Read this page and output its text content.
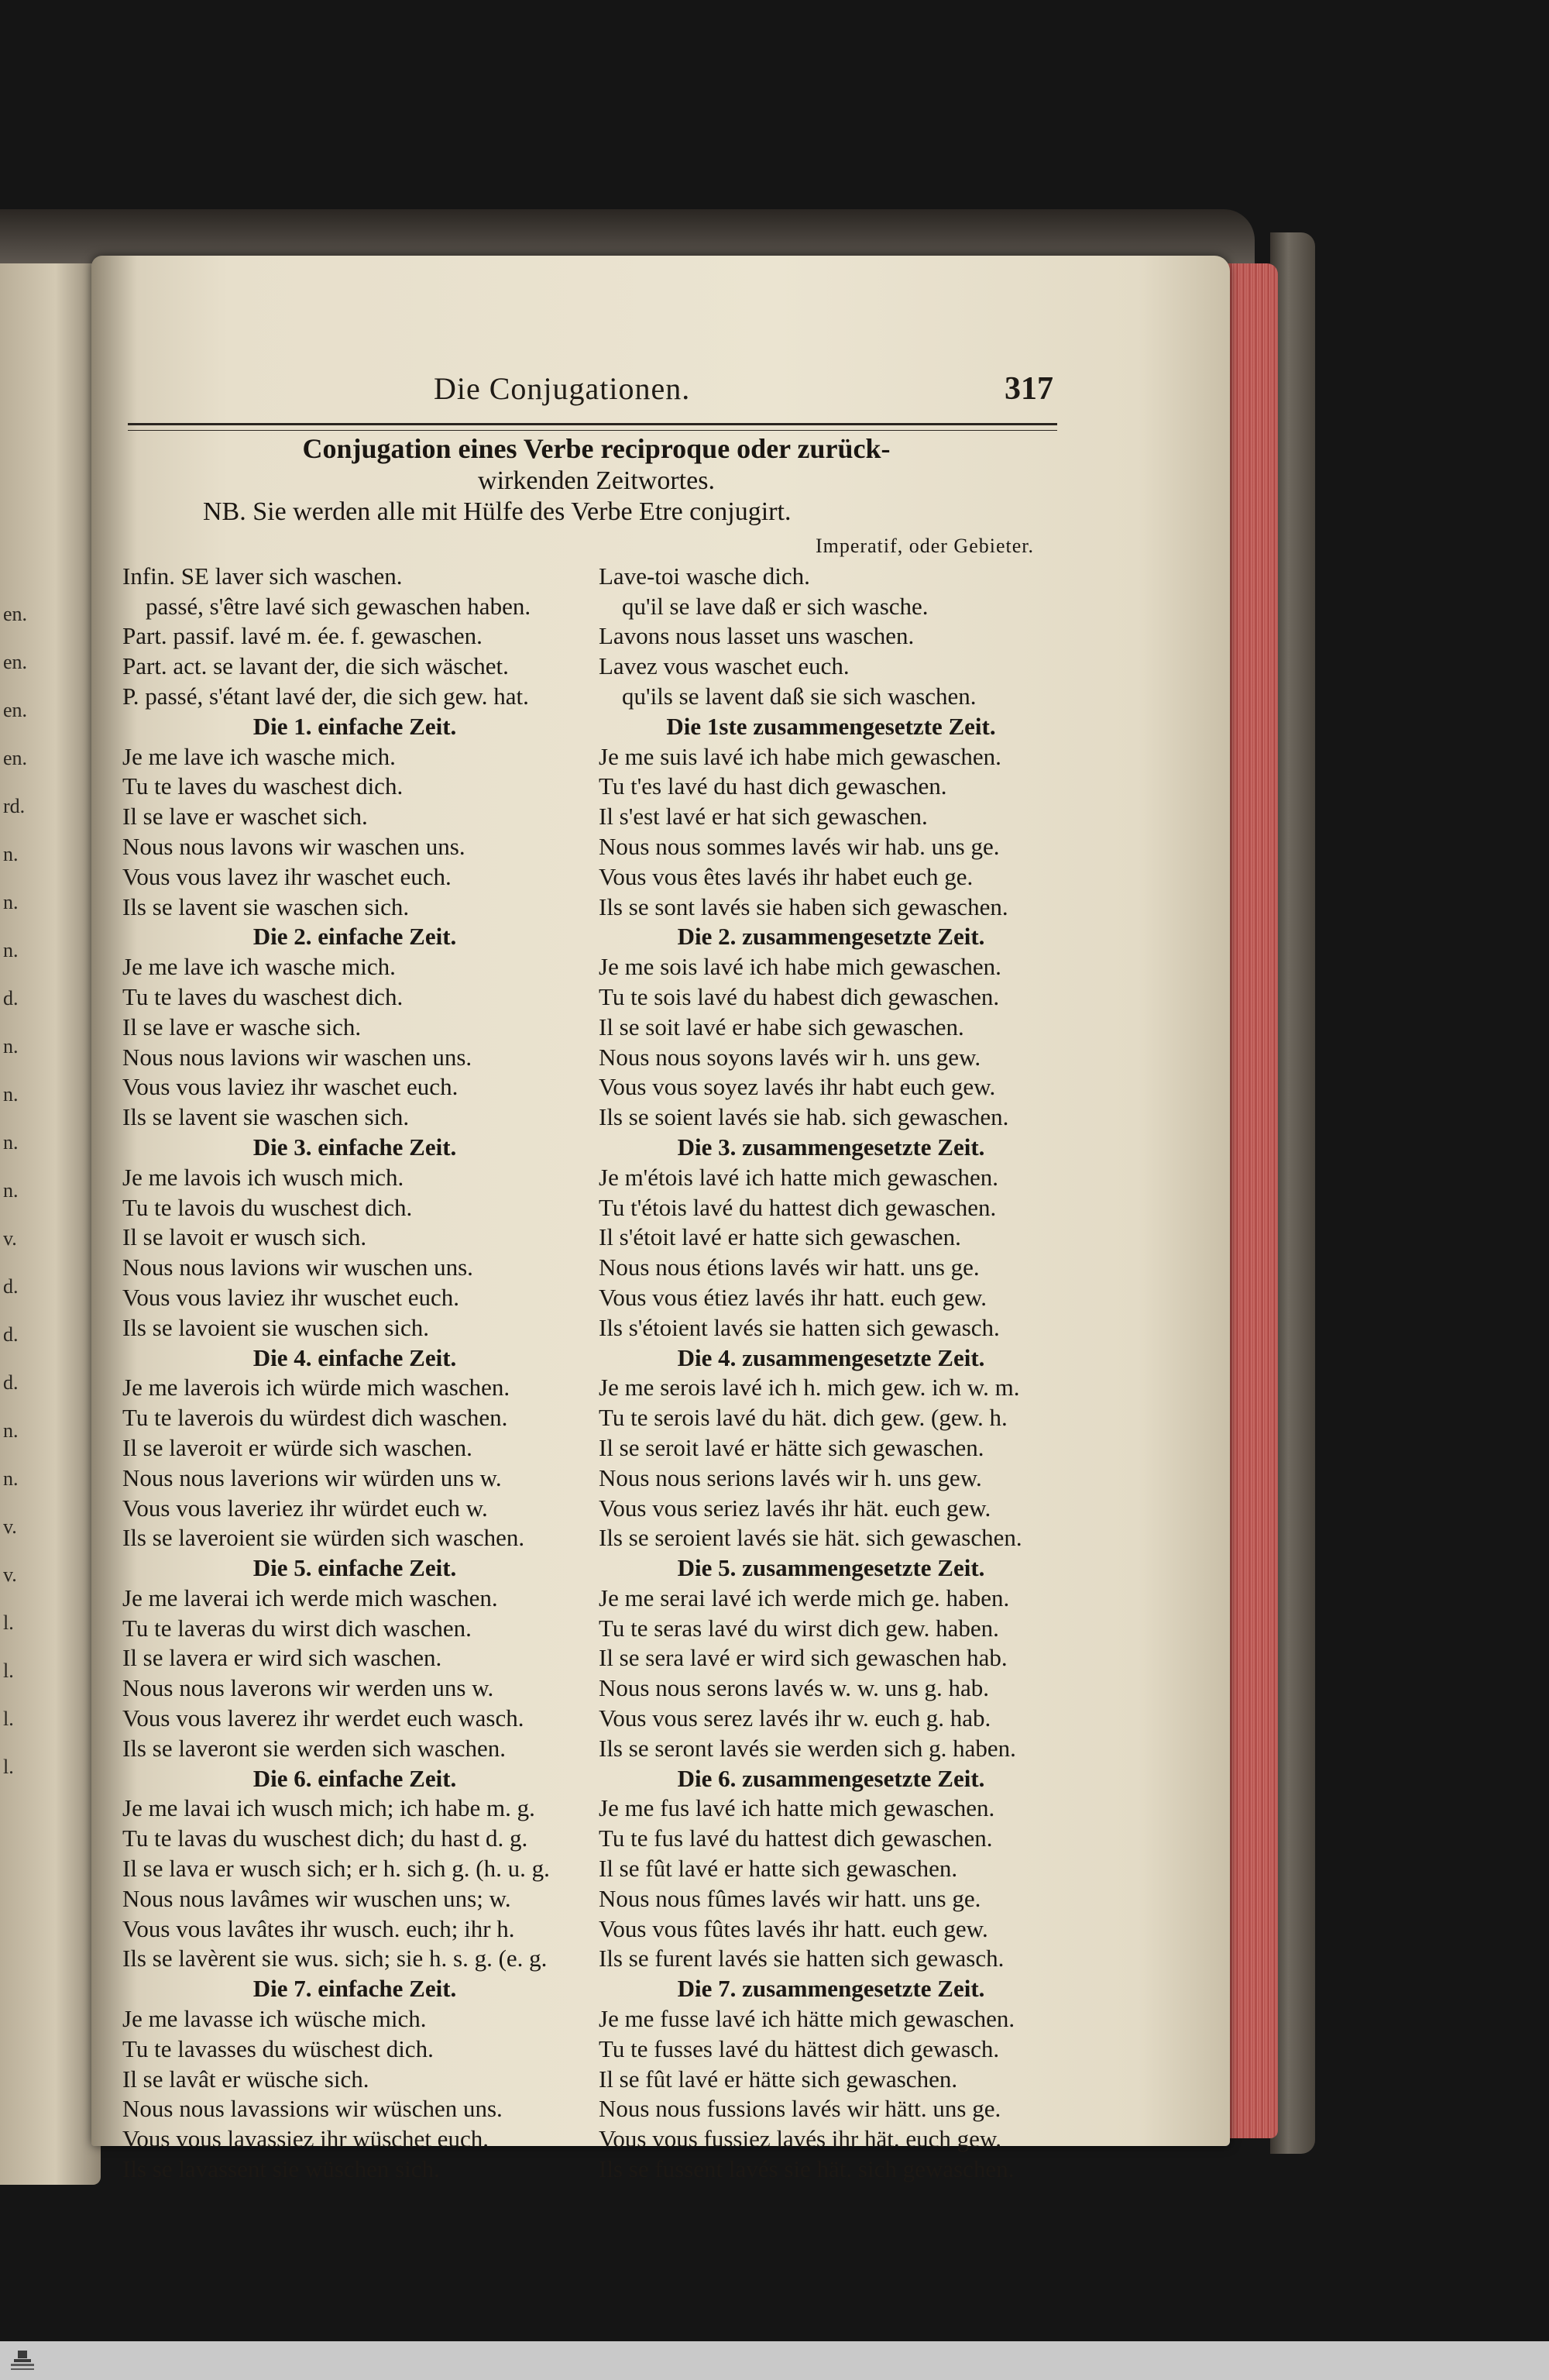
en.
en.
en.
en.
rd.
n.
n.
n.
d.
n.
n.
n.
n.
v.
d.
d.
d.
n.
n.
v.
v.
l.
l.
l.
l.
Die Conjugationen.	317
Conjugation eines Verbe reciproque oder zurück-
wirkenden Zeitwortes.
NB. Sie werden alle mit Hülfe des Verbe Etre conjugirt.
Infin. SE laver sich waschen.
passé, s'être lavé sich gewaschen haben.
Part. passif. lavé m. ée. f. gewaschen.
Part. act. se lavant der, die sich wäschet.
P. passé, s'étant lavé der, die sich gew. hat.
Die 1. einfache Zeit.
Je me lave ich wasche mich.
Tu te laves du waschest dich.
Il se lave er waschet sich.
Nous nous lavons wir waschen uns.
Vous vous lavez ihr waschet euch.
Ils se lavent sie waschen sich.
Die 2. einfache Zeit.
Je me lave ich wasche mich.
Tu te laves du waschest dich.
Il se lave er wasche sich.
Nous nous lavions wir waschen uns.
Vous vous laviez ihr waschet euch.
Ils se lavent sie waschen sich.
Die 3. einfache Zeit.
Je me lavois ich wusch mich.
Tu te lavois du wuschest dich.
Il se lavoit er wusch sich.
Nous nous lavions wir wuschen uns.
Vous vous laviez ihr wuschet euch.
Ils se lavoient sie wuschen sich.
Die 4. einfache Zeit.
Je me laverois ich würde mich waschen.
Tu te laverois du würdest dich waschen.
Il se laveroit er würde sich waschen.
Nous nous laverions wir würden uns w.
Vous vous laveriez ihr würdet euch w.
Ils se laveroient sie würden sich waschen.
Die 5. einfache Zeit.
Je me laverai ich werde mich waschen.
Tu te laveras du wirst dich waschen.
Il se lavera er wird sich waschen.
Nous nous laverons wir werden uns w.
Vous vous laverez ihr werdet euch wasch.
Ils se laveront sie werden sich waschen.
Die 6. einfache Zeit.
Je me lavai ich wusch mich; ich habe m. g.
Tu te lavas du wuschest dich; du hast d. g.
Il se lava er wusch sich; er h. sich g. (h. u. g.
Nous nous lavâmes wir wuschen uns; w.
Vous vous lavâtes ihr wusch. euch; ihr h.
Ils se lavèrent sie wus. sich; sie h. s. g. (e. g.
Die 7. einfache Zeit.
Je me lavasse ich wüsche mich.
Tu te lavasses du wüschest dich.
Il se lavât er wüsche sich.
Nous nous lavassions wir wüschen uns.
Vous vous lavassiez ihr wüschet euch.
Ils se lavassent sie wüschen sich.
Imperatif, oder Gebieter.
Lave-toi wasche dich.
qu'il se lave daß er sich wasche.
Lavons nous lasset uns waschen.
Lavez vous waschet euch.
qu'ils se lavent daß sie sich waschen.
Die 1ste zusammengesetzte Zeit.
Je me suis lavé ich habe mich gewaschen.
Tu t'es lavé du hast dich gewaschen.
Il s'est lavé er hat sich gewaschen.
Nous nous sommes lavés wir hab. uns ge.
Vous vous êtes lavés ihr habet euch ge.
Ils se sont lavés sie haben sich gewaschen.
Die 2. zusammengesetzte Zeit.
Je me sois lavé ich habe mich gewaschen.
Tu te sois lavé du habest dich gewaschen.
Il se soit lavé er habe sich gewaschen.
Nous nous soyons lavés wir h. uns gew.
Vous vous soyez lavés ihr habt euch gew.
Ils se soient lavés sie hab. sich gewaschen.
Die 3. zusammengesetzte Zeit.
Je m'étois lavé ich hatte mich gewaschen.
Tu t'étois lavé du hattest dich gewaschen.
Il s'étoit lavé er hatte sich gewaschen.
Nous nous étions lavés wir hatt. uns ge.
Vous vous étiez lavés ihr hatt. euch gew.
Ils s'étoient lavés sie hatten sich gewasch.
Die 4. zusammengesetzte Zeit.
Je me serois lavé ich h. mich gew. ich w. m.
Tu te serois lavé du hät. dich gew. (gew. h.
Il se seroit lavé er hätte sich gewaschen.
Nous nous serions lavés wir h. uns gew.
Vous vous seriez lavés ihr hät. euch gew.
Ils se seroient lavés sie hät. sich gewaschen.
Die 5. zusammengesetzte Zeit.
Je me serai lavé ich werde mich ge. haben.
Tu te seras lavé du wirst dich gew. haben.
Il se sera lavé er wird sich gewaschen hab.
Nous nous serons lavés w. w. uns g. hab.
Vous vous serez lavés ihr w. euch g. hab.
Ils se seront lavés sie werden sich g. haben.
Die 6. zusammengesetzte Zeit.
Je me fus lavé ich hatte mich gewaschen.
Tu te fus lavé du hattest dich gewaschen.
Il se fût lavé er hatte sich gewaschen.
Nous nous fûmes lavés wir hatt. uns ge.
Vous vous fûtes lavés ihr hatt. euch gew.
Ils se furent lavés sie hatten sich gewasch.
Die 7. zusammengesetzte Zeit.
Je me fusse lavé ich hätte mich gewaschen.
Tu te fusses lavé du hättest dich gewasch.
Il se fût lavé er hätte sich gewaschen.
Nous nous fussions lavés wir hätt. uns ge.
Vous vous fussiez lavés ihr hät. euch gew.
Ils se fussent lavés sie hät. sich gewaschen.
